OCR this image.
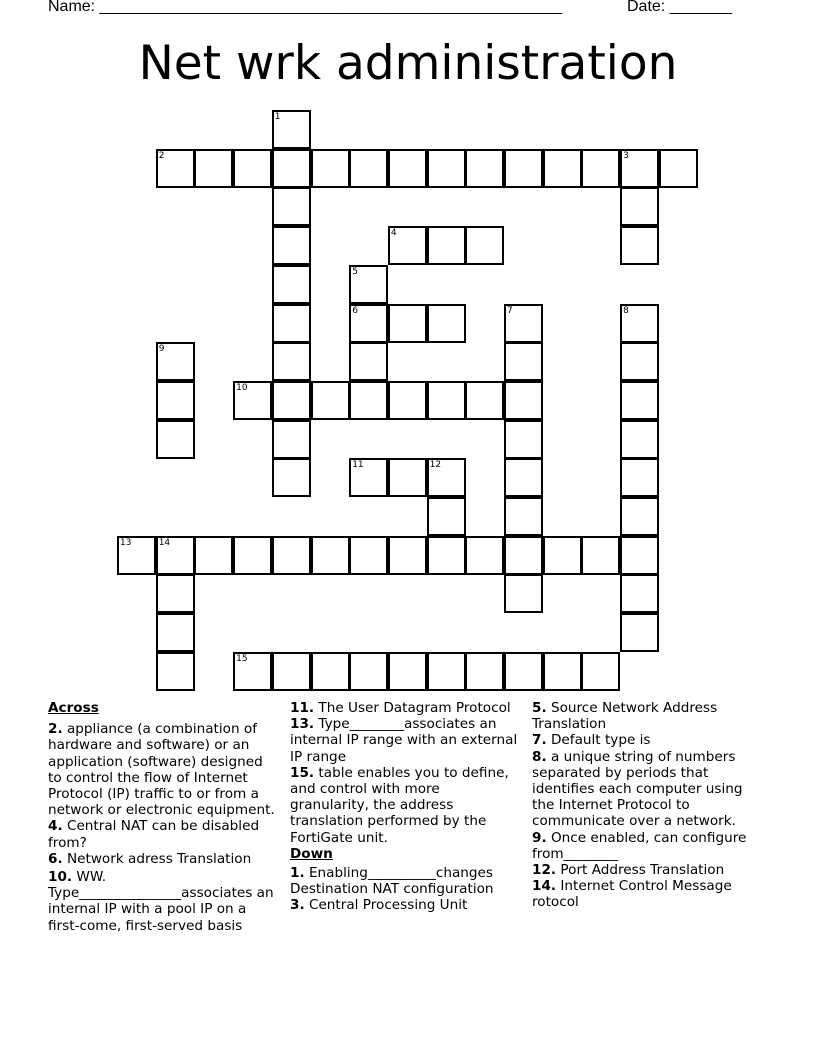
Name: ____________________________________________________	Date: _______
Net wrk administration
1
2	3
4
5
6	7	8
9
10
11	12
13	14
15
Across
2. appliance (a combination of hardware and software) or an application (software) designed to control the flow of Internet Protocol (IP) traffic to or from a network or electronic equipment.
4. Central NAT can be disabled from?
6. Network adress Translation
10. WW. Type_______________associates an internal IP with a pool IP on a first-come, first-served basis
11. The User Datagram Protocol
13. Type________associates an internal IP range with an external IP range
15. table enables you to define, and control with more granularity, the address translation performed by the FortiGate unit.
Down
1. Enabling__________changes Destination NAT configuration
3. Central Processing Unit
5. Source Network Address Translation
7. Default type is
8. a unique string of numbers separated by periods that identifies each computer using the Internet Protocol to communicate over a network.
9. Once enabled, can configure from________
12. Port Address Translation
14. Internet Control Message rotocol
